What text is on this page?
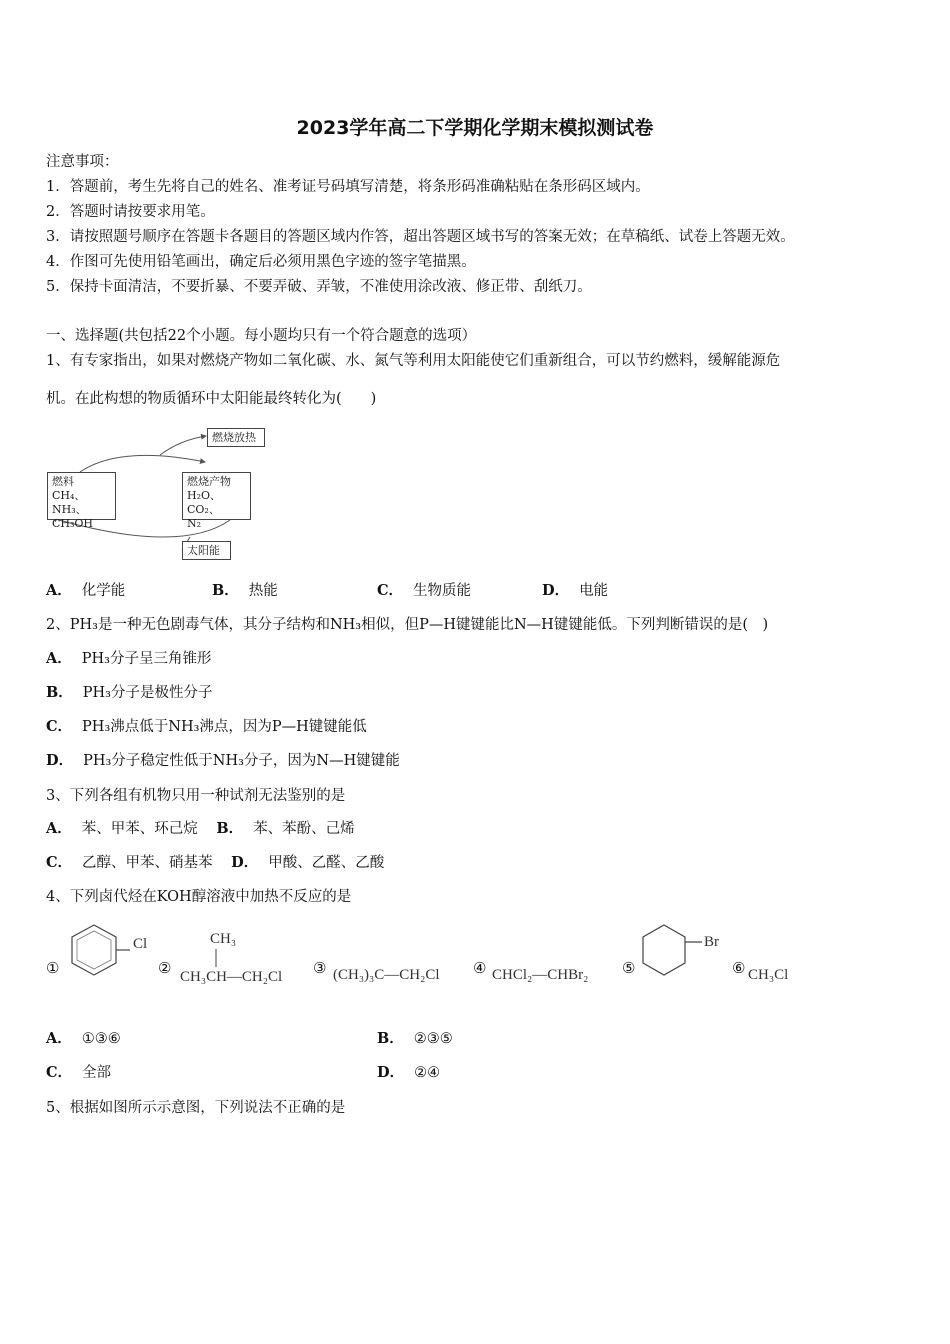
2023学年高二下学期化学期末模拟测试卷
注意事项：
1．答题前，考生先将自己的姓名、准考证号码填写清楚，将条形码准确粘贴在条形码区域内。
2．答题时请按要求用笔。
3．请按照题号顺序在答题卡各题目的答题区域内作答，超出答题区域书写的答案无效；在草稿纸、试卷上答题无效。
4．作图可先使用铅笔画出，确定后必须用黑色字迹的签字笔描黑。
5．保持卡面清洁，不要折暴、不要弄破、弄皱，不准使用涂改液、修正带、刮纸刀。
一、选择题(共包括22个小题。每小题均只有一个符合题意的选项）
1、有专家指出，如果对燃烧产物如二氧化碳、水、氮气等利用太阳能使它们重新组合，可以节约燃料，缓解能源危
机。在此构想的物质循环中太阳能最终转化为(　　)
燃烧放热
燃料
CH₄、NH₃、
CH₃OH
燃烧产物
H₂O、CO₂、
N₂
太阳能
A． 化学能	B． 热能	C． 生物质能	D． 电能
2、PH₃是一种无色剧毒气体，其分子结构和NH₃相似，但P—H键键能比N—H键键能低。下列判断错误的是(　)
A． PH₃分子呈三角锥形
B． PH₃分子是极性分子
C． PH₃沸点低于NH₃沸点，因为P—H键键能低
D． PH₃分子稳定性低于NH₃分子，因为N—H键键能
3、下列各组有机物只用一种试剂无法鉴别的是
A． 苯、甲苯、环己烷 B． 苯、苯酚、己烯
C． 乙醇、甲苯、硝基苯 D． 甲酸、乙醛、乙酸
4、下列卤代烃在KOH醇溶液中加热不反应的是
①
Cl
②
CH₃
CH₃CH—CH₂Cl ③ (CH₃)₃C—CH₂Cl ④ CHCl₂—CHBr₂ ⑤
Br
⑥ CH₃Cl
A． ①③⑥	B． ②③⑤
C． 全部	D． ②④
5、根据如图所示示意图，下列说法不正确的是
